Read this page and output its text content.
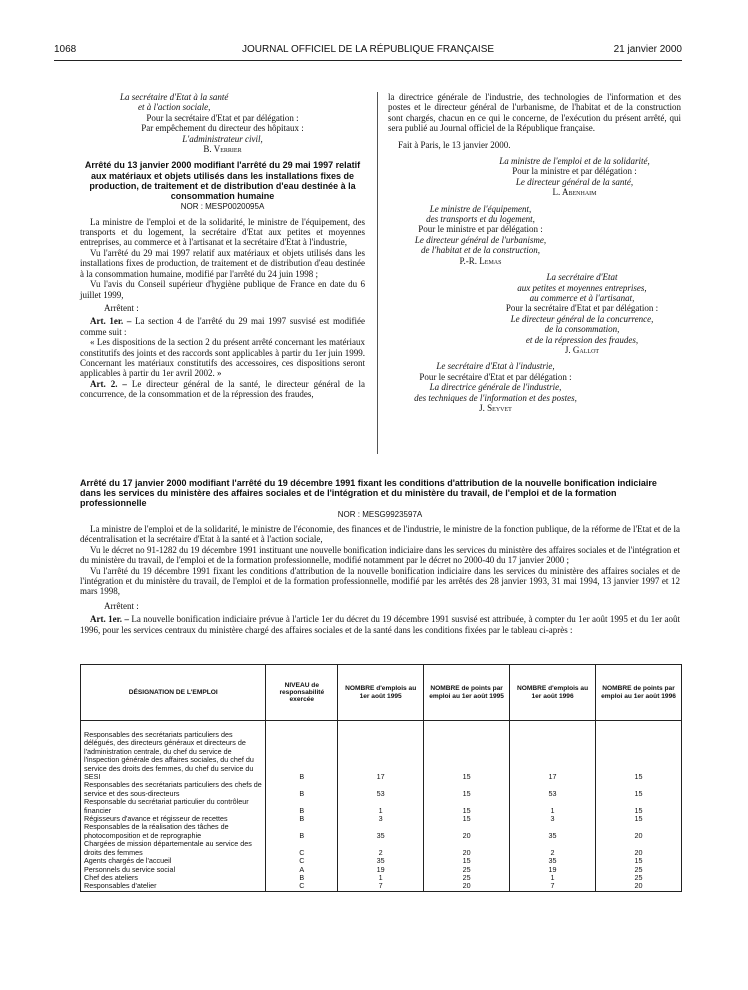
1068	JOURNAL OFFICIEL DE LA RÉPUBLIQUE FRANÇAISE	21 janvier 2000

La secrétaire d'Etat à la santé

et à l'action sociale,

Pour la secrétaire d'Etat et par délégation :

Par empêchement du directeur des hôpitaux :

L'administrateur civil,

B. Verrier

Arrêté du 13 janvier 2000 modifiant l'arrêté du 29 mai 1997 relatif aux matériaux et objets utilisés dans les installations fixes de production, de traitement et de distribution d'eau destinée à la consommation humaine

NOR : MESP0020095A

La ministre de l'emploi et de la solidarité, le ministre de l'équipement, des transports et du logement, la secrétaire d'Etat aux petites et moyennes entreprises, au commerce et à l'artisanat et la secrétaire d'Etat à l'industrie,

Vu l'arrêté du 29 mai 1997 relatif aux matériaux et objets utilisés dans les installations fixes de production, de traitement et de distribution d'eau destinée à la consommation humaine, modifié par l'arrêté du 24 juin 1998 ;

Vu l'avis du Conseil supérieur d'hygiène publique de France en date du 6 juillet 1999,

Arrêtent :

Art. 1er. – La section 4 de l'arrêté du 29 mai 1997 susvisé est modifiée comme suit :

« Les dispositions de la section 2 du présent arrêté concernant les matériaux constitutifs des joints et des raccords sont applicables à partir du 1er juin 1999. Concernant les matériaux constitutifs des accessoires, ces dispositions seront applicables à partir du 1er avril 2002. »

Art. 2. – Le directeur général de la santé, le directeur général de la concurrence, de la consommation et de la répression des fraudes,

la directrice générale de l'industrie, des technologies de l'information et des postes et le directeur général de l'urbanisme, de l'habitat et de la construction sont chargés, chacun en ce qui le concerne, de l'exécution du présent arrêté, qui sera publié au Journal officiel de la République française.

Fait à Paris, le 13 janvier 2000.

La ministre de l'emploi et de la solidarité,

Pour la ministre et par délégation :

Le directeur général de la santé,

L. Abenhaim

Le ministre de l'équipement,

des transports et du logement,

Pour le ministre et par délégation :

Le directeur général de l'urbanisme,

de l'habitat et de la construction,

P.-R. Lemas

La secrétaire d'Etat

aux petites et moyennes entreprises,

au commerce et à l'artisanat,

Pour la secrétaire d'Etat et par délégation :

Le directeur général de la concurrence,

de la consommation,

et de la répression des fraudes,

J. Gallot

Le secrétaire d'Etat à l'industrie,

Pour le secrétaire d'Etat et par délégation :

La directrice générale de l'industrie,

des techniques de l'information et des postes,

J. Seyvet

Arrêté du 17 janvier 2000 modifiant l'arrêté du 19 décembre 1991 fixant les conditions d'attribution de la nouvelle bonification indiciaire dans les services du ministère des affaires sociales et de l'intégration et du ministère du travail, de l'emploi et de la formation professionnelle

NOR : MESG9923597A

La ministre de l'emploi et de la solidarité, le ministre de l'économie, des finances et de l'industrie, le ministre de la fonction publique, de la réforme de l'Etat et de la décentralisation et la secrétaire d'Etat à la santé et à l'action sociale,

Vu le décret no 91-1282 du 19 décembre 1991 instituant une nouvelle bonification indiciaire dans les services du ministère des affaires sociales et de l'intégration et du ministère du travail, de l'emploi et de la formation professionnelle, modifié notamment par le décret no 2000-40 du 17 janvier 2000 ;

Vu l'arrêté du 19 décembre 1991 fixant les conditions d'attribution de la nouvelle bonification indiciaire dans les services du ministère des affaires sociales et de l'intégration et du ministère du travail, de l'emploi et de la formation professionnelle, modifié par les arrêtés des 28 janvier 1993, 31 mai 1994, 13 janvier 1997 et 12 mars 1998,

Arrêtent :

Art. 1er. – La nouvelle bonification indiciaire prévue à l'article 1er du décret du 19 décembre 1991 susvisé est attribuée, à compter du 1er août 1995 et du 1er août 1996, pour les services centraux du ministère chargé des affaires sociales et de la santé dans les conditions fixées par le tableau ci-après :

DÉSIGNATION DE L'EMPLOI	NIVEAU de responsabilité exercée	NOMBRE d'emplois au 1er août 1995	NOMBRE de points par emploi au 1er août 1995	NOMBRE d'emplois au 1er août 1996	NOMBRE de points par emploi au 1er août 1996
Responsables des secrétariats particuliers des délégués, des directeurs généraux et directeurs de l'administration centrale, du chef du service de l'inspection générale des affaires sociales, du chef du service des droits des femmes, du chef du service du SESI	B	17	15	17	15
Responsables des secrétariats particuliers des chefs de service et des sous-directeurs	B	53	15	53	15
Responsable du secrétariat particulier du contrôleur financier	B	1	15	1	15
Régisseurs d'avance et régisseur de recettes	B	3	15	3	15
Responsables de la réalisation des tâches de photocomposition et de reprographie	B	35	20	35	20
Chargées de mission départementale au service des droits des femmes	C	2	20	2	20
Agents chargés de l'accueil	C	35	15	35	15
Personnels du service social	A	19	25	19	25
Chef des ateliers	B	1	25	1	25
Responsables d'atelier	C	7	20	7	20
